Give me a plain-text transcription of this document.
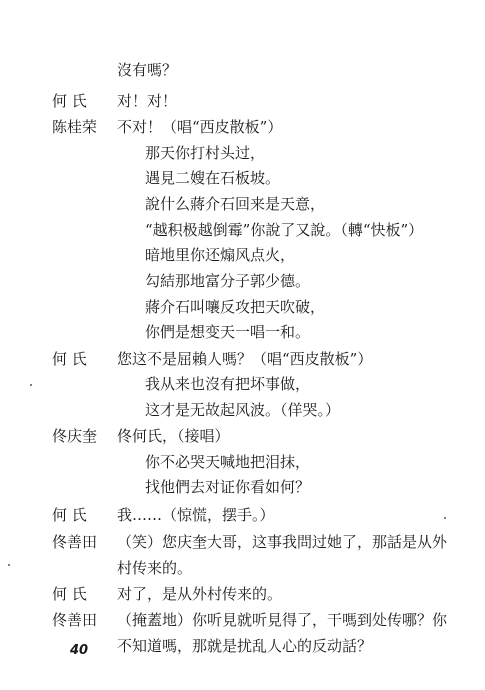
沒有嗎？
何 氏	对！对！
陈桂荣	不对！（唱“西皮散板”）
那天你打村头过，
遇見二嫂在石板坡。
說什么蔣介石回来是天意，
“越积极越倒霉”你說了又說。（轉“快板”）
暗地里你还煽风点火，
勾結那地富分子郭少德。
蔣介石叫嚷反攻把天吹破，
你們是想变天一唱一和。
何 氏	您这不是屈賴人嗎？（唱“西皮散板”）
我从来也沒有把坏事做，
这才是无故起风波。（佯哭。）
佟庆奎	佟何氏，（接唱）
你不必哭天喊地把泪抹，
找他們去对证你看如何？
何 氏	我……（惊慌，摆手。）
佟善田	（笑）您庆奎大哥，这事我問过她了，那話是从外
村传来的。
何 氏	对了，是从外村传来的。
佟善田	（掩蓋地）你听見就听見得了，干嗎到处传哪？你
不知道嗎，那就是扰乱人心的反动話？
40
